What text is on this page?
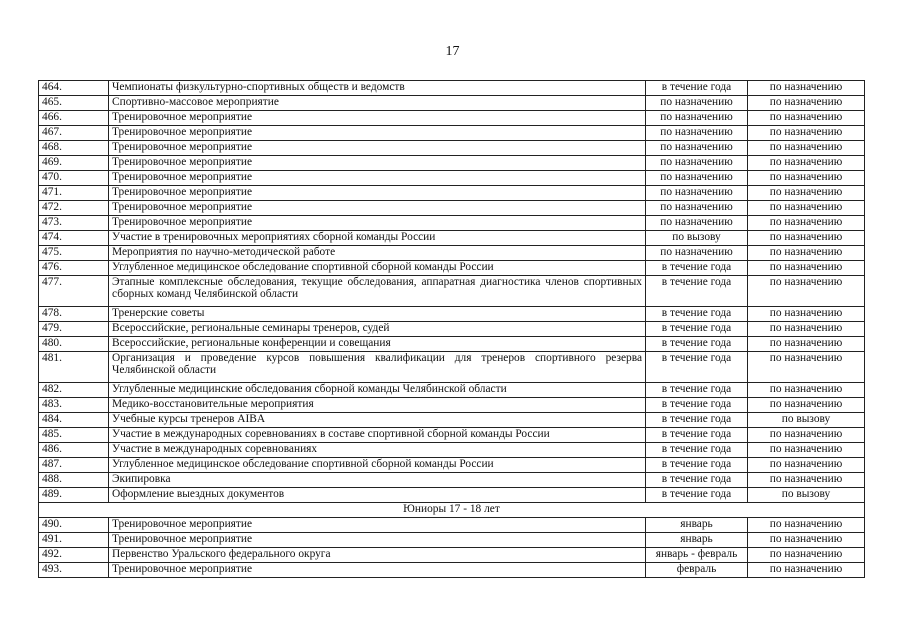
17
464.	Чемпионаты физкультурно-спортивных обществ и ведомств	в течение года	по назначению
465.	Спортивно-массовое мероприятие	по назначению	по назначению
466.	Тренировочное мероприятие	по назначению	по назначению
467.	Тренировочное мероприятие	по назначению	по назначению
468.	Тренировочное мероприятие	по назначению	по назначению
469.	Тренировочное мероприятие	по назначению	по назначению
470.	Тренировочное мероприятие	по назначению	по назначению
471.	Тренировочное мероприятие	по назначению	по назначению
472.	Тренировочное мероприятие	по назначению	по назначению
473.	Тренировочное мероприятие	по назначению	по назначению
474.	Участие в тренировочных мероприятиях сборной команды России	по вызову	по назначению
475.	Мероприятия по научно-методической работе	по назначению	по назначению
476.	Углубленное медицинское обследование спортивной сборной команды России	в течение года	по назначению
477.	Этапные комплексные обследования, текущие обследования, аппаратная диагностика членов спортивных сборных команд Челябинской области	в течение года	по назначению
478.	Тренерские советы	в течение года	по назначению
479.	Всероссийские, региональные семинары тренеров, судей	в течение года	по назначению
480.	Всероссийские, региональные конференции и совещания	в течение года	по назначению
481.	Организация и проведение курсов повышения квалификации для тренеров спортивного резерва Челябинской области	в течение года	по назначению
482.	Углубленные медицинские обследования сборной команды Челябинской области	в течение года	по назначению
483.	Медико-восстановительные мероприятия	в течение года	по назначению
484.	Учебные курсы тренеров AIBA	в течение года	по вызову
485.	Участие в международных соревнованиях в составе спортивной сборной команды России	в течение года	по назначению
486.	Участие в международных соревнованиях	в течение года	по назначению
487.	Углубленное медицинское обследование спортивной сборной команды России	в течение года	по назначению
488.	Экипировка	в течение года	по назначению
489.	Оформление выездных документов	в течение года	по вызову
Юниоры 17 - 18 лет			
490.	Тренировочное мероприятие	январь	по назначению
491.	Тренировочное мероприятие	январь	по назначению
492.	Первенство Уральского федерального округа	январь - февраль	по назначению
493.	Тренировочное мероприятие	февраль	по назначению
